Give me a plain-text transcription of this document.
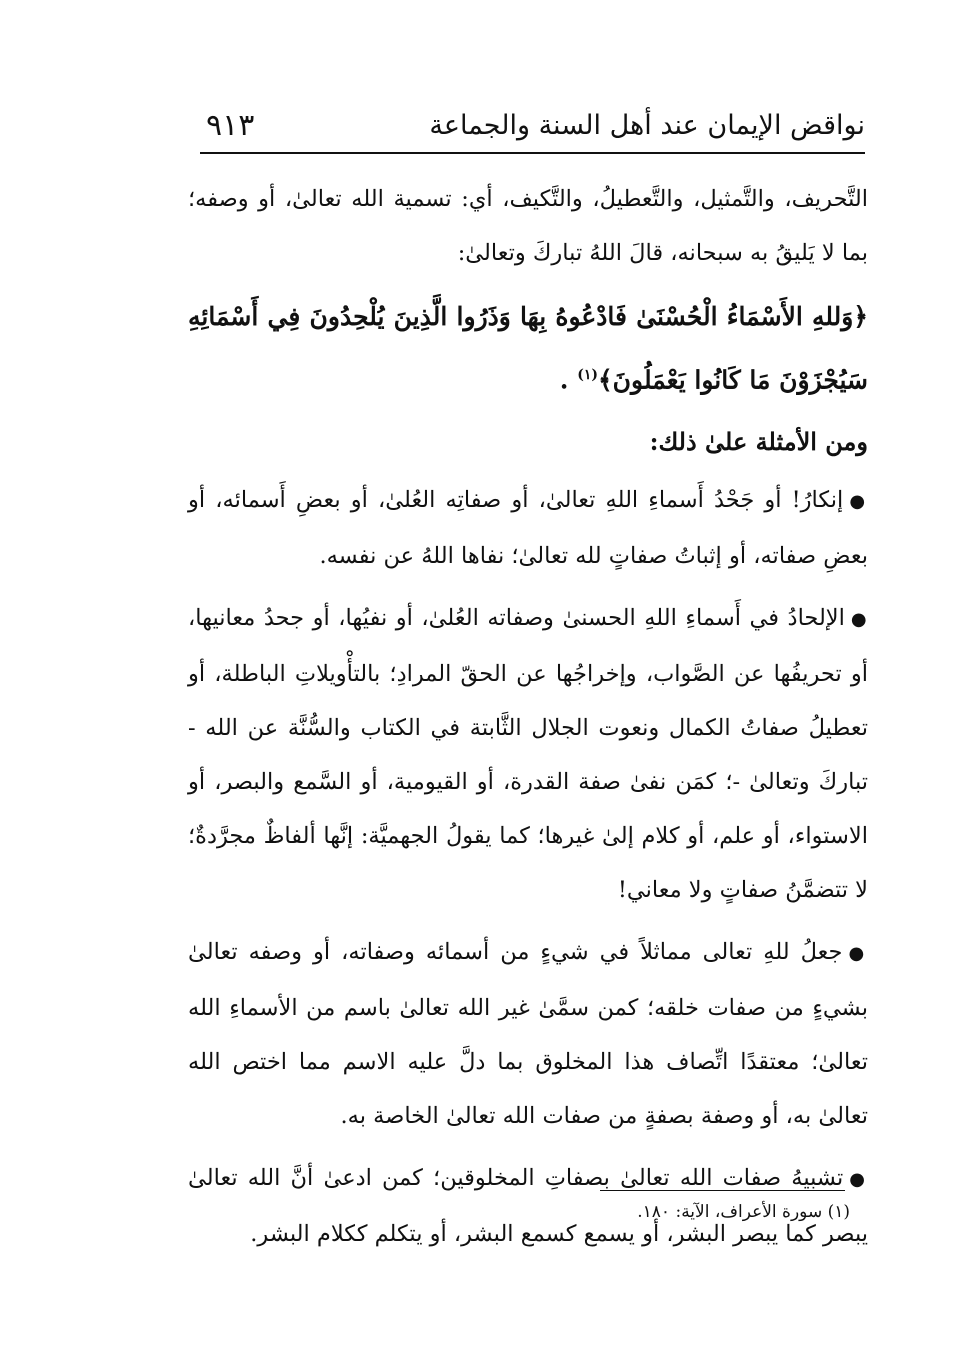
نواقض الإيمان عند أهل السنة والجماعة
٩١٣

التَّحريف، والتَّمثيل، والتَّعطيلُ، والتَّكيف، أي: تسمية الله تعالىٰ، أو وصفه؛ بما لا يَليقُ به سبحانه، قالَ اللهُ تباركَ وتعالىٰ:

﴿وَللهِ الأَسْمَاءُ الْحُسْنَىٰ فَادْعُوهُ بِهَا وَذَرُوا الَّذِينَ يُلْحِدُونَ فِي أَسْمَائِهِ سَيُجْزَوْنَ مَا كَانُوا يَعْمَلُونَ﴾$^{(١)}$ .

ومن الأمثلة علىٰ ذلك:

●إنكارُ! أو جَحْدُ أَسماءِ اللهِ تعالىٰ، أو صفاتِه العُلىٰ، أو بعضِ أَسمائه، أو بعضِ صفاته، أو إثباتُ صفاتٍ لله تعالىٰ؛ نفاها اللهُ عن نفسه.

●الإلحادُ في أَسماءِ اللهِ الحسنىٰ وصفاته العُلىٰ، أو نفيُها، أو جحدُ معانيها، أو تحريفُها عن الصَّواب، وإخراجُها عن الحقّ المرادِ؛ بالتأْويلاتِ الباطلة، أو تعطيلُ صفاتُ الكمال ونعوت الجلال الثَّابتة في الكتاب والسُّنَّة عن الله - تباركَ وتعالىٰ -؛ كمَن نفىٰ صفة القدرة، أو القيومية، أو السَّمع والبصر، أو الاستواء، أو علم، أو كلام إلىٰ غيرها؛ كما يقولُ الجهميَّة: إنَّها ألفاظٌ مجرَّدةٌ؛ لا تتضمَّنُ صفاتٍ ولا معاني!

●جعلُ للهِ تعالى مماثلاً في شيءٍ من أسمائه وصفاته، أو وصفه تعالىٰ بشيءٍ من صفات خلقه؛ كمن سمَّىٰ غير الله تعالىٰ باسم من الأسماءِ الله تعالىٰ؛ معتقدًا اتِّصاف هذا المخلوق بما دلَّ عليه الاسم مما اختص الله تعالىٰ به، أو وصفة بصفةٍ من صفات الله تعالىٰ الخاصة به.

●تشبيهُ صفات الله تعالىٰ بصفاتِ المخلوقين؛ كمن ادعىٰ أنَّ الله تعالىٰ يبصر كما يبصر البشر، أو يسمع كسمع البشر، أو يتكلم ككلام البشر.

(١) سورة الأعراف، الآية: ١٨٠.
